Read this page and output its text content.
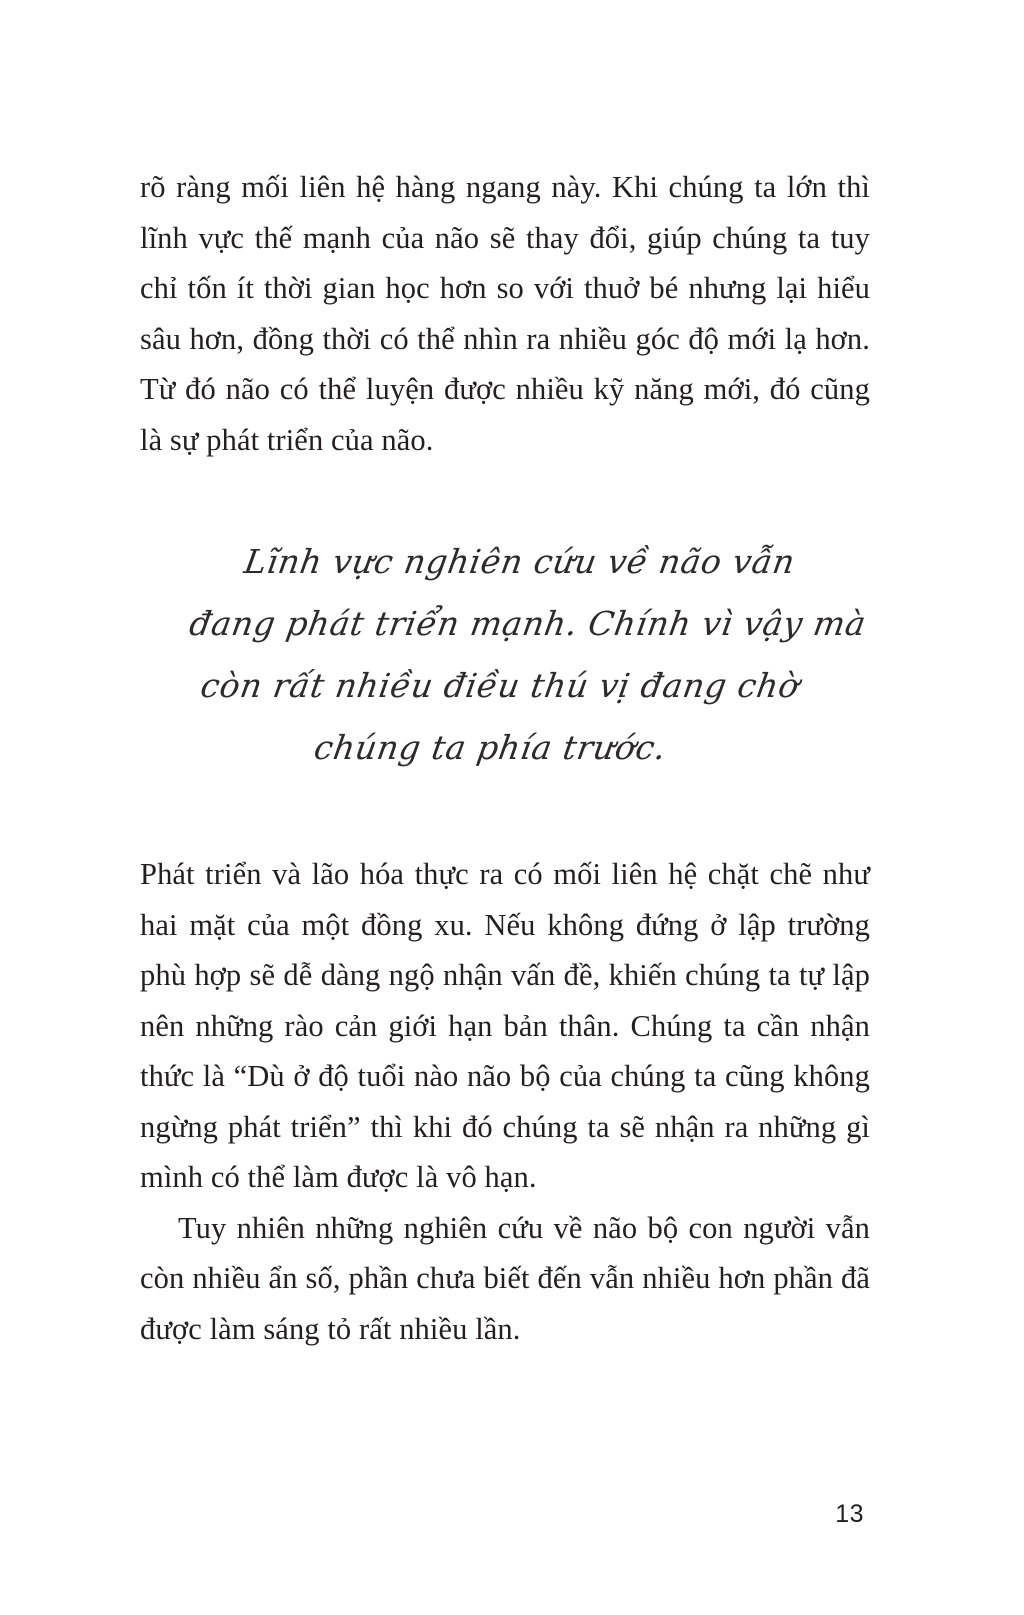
rõ ràng mối liên hệ hàng ngang này. Khi chúng ta lớn thì lĩnh vực thế mạnh của não sẽ thay đổi, giúp chúng ta tuy chỉ tốn ít thời gian học hơn so với thuở bé nhưng lại hiểu sâu hơn, đồng thời có thể nhìn ra nhiều góc độ mới lạ hơn. Từ đó não có thể luyện được nhiều kỹ năng mới, đó cũng là sự phát triển của não.

Lĩnh vực nghiên cứu về não vẫn
đang phát triển mạnh. Chính vì vậy mà
còn rất nhiều điều thú vị đang chờ
chúng ta phía trước.

Phát triển và lão hóa thực ra có mối liên hệ chặt chẽ như hai mặt của một đồng xu. Nếu không đứng ở lập trường phù hợp sẽ dễ dàng ngộ nhận vấn đề, khiến chúng ta tự lập nên những rào cản giới hạn bản thân. Chúng ta cần nhận thức là “Dù ở độ tuổi nào não bộ của chúng ta cũng không ngừng phát triển” thì khi đó chúng ta sẽ nhận ra những gì mình có thể làm được là vô hạn.

Tuy nhiên những nghiên cứu về não bộ con người vẫn còn nhiều ẩn số, phần chưa biết đến vẫn nhiều hơn phần đã được làm sáng tỏ rất nhiều lần.

13
